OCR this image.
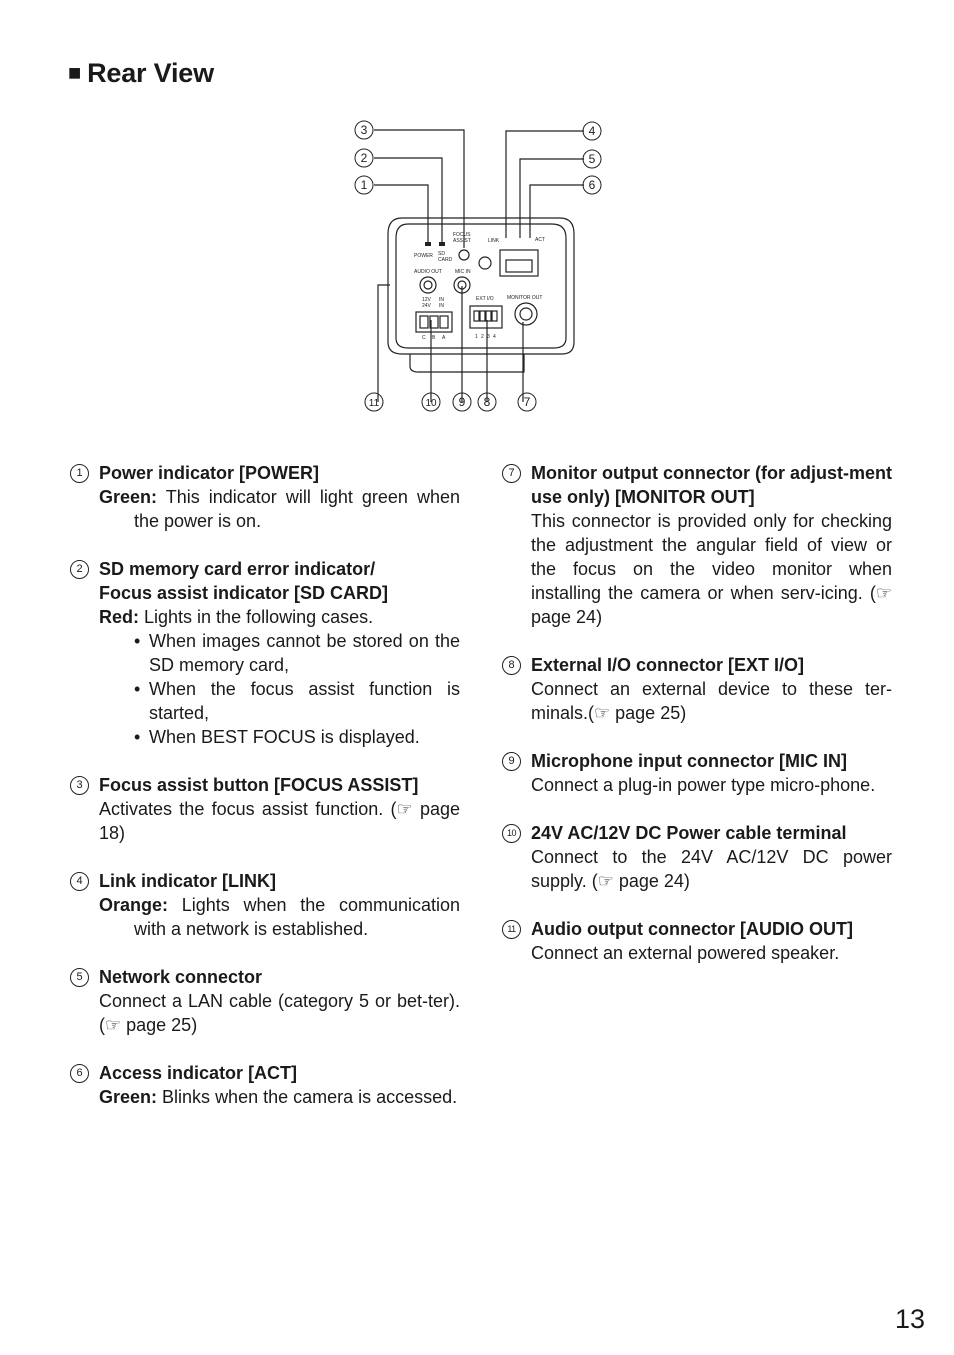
■ Rear View
POWER SD
CARD
FOCUS
ASSIST	LINK	ACT
AUDIO OUT	MIC IN
EXT I/O	MONITOR OUT
12V
24V
IN
IN
C B A	1 2 3 4
3
2
1
4
5
6
11	10 9 8	7
1 Power indicator [POWER]
Green: This indicator will light green when the power is on.
2 SD memory card error indicator/
Focus assist indicator [SD CARD]
Red: Lights in the following cases.
• When images cannot be stored on the SD memory card,
• When the focus assist function is started,
• When BEST FOCUS is displayed.
3 Focus assist button [FOCUS ASSIST]
Activates the focus assist function. (☞ page 18)
4 Link indicator [LINK]
Orange: Lights when the communication with a network is established.
5 Network connector
Connect a LAN cable (category 5 or bet-ter). (☞ page 25)
6 Access indicator [ACT]
Green: Blinks when the camera is accessed.
7 Monitor output connector (for adjust-ment use only) [MONITOR OUT]
This connector is provided only for checking the adjustment the angular field of view or the focus on the video monitor when installing the camera or when serv-icing. (☞ page 24)
8 External I/O connector [EXT I/O]
Connect an external device to these ter-minals.(☞ page 25)
9 Microphone input connector [MIC IN]
Connect a plug-in power type micro-phone.
10 24V AC/12V DC Power cable terminal
Connect to the 24V AC/12V DC power supply. (☞ page 24)
11 Audio output connector [AUDIO OUT]
Connect an external powered speaker.
13
